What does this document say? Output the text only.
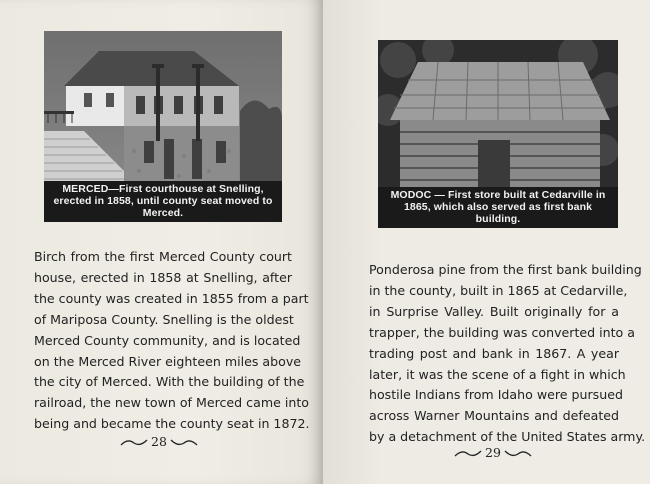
MERCED—First courthouse at Snelling, erected in 1858, until county seat moved to Merced.
Birch from the first Merced County court
house, erected in 1858 at Snelling, after
the county was created in 1855 from a part
of Mariposa County. Snelling is the oldest
Merced County community, and is located
on the Merced River eighteen miles above
the city of Merced. With the building of the
railroad, the new town of Merced came into
being and became the county seat in 1872.
28
MODOC — First store built at Cedarville in 1865, which also served as first bank building.
Ponderosa pine from the first bank building
in the county, built in 1865 at Cedarville,
in Surprise Valley. Built originally for a
trapper, the building was converted into a
trading post and bank in 1867. A year
later, it was the scene of a fight in which
hostile Indians from Idaho were pursued
across Warner Mountains and defeated
by a detachment of the United States army.
29
